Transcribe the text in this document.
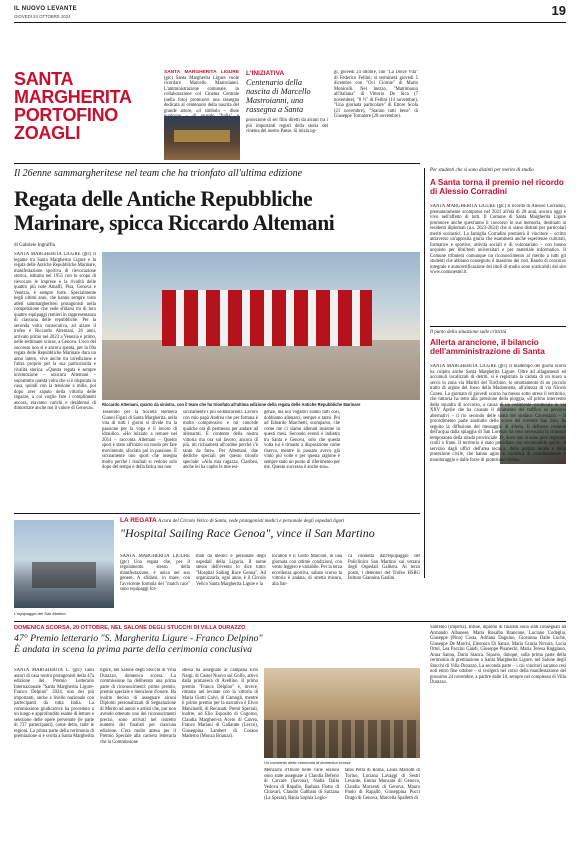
IL NUOVO LEVANTE
GIOVEDÌ 24 OTTOBRE 2024	19
SANTA
MARGHERITA
PORTOFINO
ZOAGLI

SANTA MARGHERITA LIGURE (gtc) Santa Margherita Ligure vuole ricordare Marcello Mastroianni. L'amministrazione comunale, in collaborazione col Cinema Centrale (nella foto) promuove una rassegna dedicata al centenario della nascita del grande attore, «il simbolo – disse

L'INIZIATIVA
Centenario della nascita di Marcello Mastroianni, una rassegna a Santa

proiezione di sei film diretti da alcuni tra i più importanti registi della storia del cinema del nostro Paese. Si inizia og-

gi, giovedì 24 ottobre, con "La Dolce Vita" di Federico Fellini; si terminerà giovedì 5 dicembre con "Oci Ciornie" di Mario Monicelli. Nel mezzo, "Matrimonio all'italiana" di Vittorio De Sica (7 novembre), "8 ½" di Fellini (14 novembre), "Una giornata particolare" di Ettore Scola (21 novembre), "Stanno tutti bene" di Giuseppe Tornatore (28 novembre).

Il 26enne sammargheritese nel team che ha trionfato all'ultima edizione
Regata delle Antiche Repubbliche
Marinare, spicca Riccardo Altemani
di Gabriele Ingraffia

SANTA MARGHERITA LIGURE (gtc) Il legame tra Santa Margherita Ligure e la regata delle Antiche Repubbliche Marinare, manifestazione sportiva di rievocazione storica, istituita nel 1955 con lo scopo di rievocare le imprese e la rivalità delle quattro più note Amalfi, Pisa, Genova e Venezia, è sempre forte. Specialmente negli ultimi anni, che hanno sempre visto atleti sammargheritesi protagonisti nella competizione che vede sfidarsi tra di loro quattro equipaggi remieri in rappresentanza di ciascuna delle repubbliche. Per la seconda volta consecutiva, ad alzare il trofeo è Riccardo Altemani, 26 anni, arrivato primo nel 2023 a Venezia e primo, nelle settimane scorse, a Genova. L'eco del successo non si è ancora spenta, per la 69a regata delle Repubbliche Marinare dura un anno intero, vive anche tra un'edizione e l'altra proprio per la sua particolarità e rivalità storica. «Questa regata è sempre un'emozione – assicura Altemani – soprattutto questa volta che si è disputata in casa, quindi con la tensione a mille, poi dopo aver saputo della vittoria delle ragazze, a cui voglio fare i complimenti ancora, eravamo carichi e desiderosi di dimostrare anche noi il valore di Genova».

Riccardo Altemani, quarto da sinistra, con il team che ha trionfato all'ultima edizione della regata delle Antiche Repubbliche Marinare

Tesserato per la Società Remiera Gianni Figari di Santa Margherita, nella vita di tutti i giorni si divide tra la passione per la voga e il lavoro di idraulico. «Ho iniziato a remare nel 2014 – racconta Altemani – Questo sport è stato all'inizio un modo per fare movimento, sfociato poi in passione. È sicuramente uno sport che insegna molto perché i risultati si vedono solo dopo del tempo e della fatica ma non

sicuramente i più soddisfacenti. Lavoro con mio papà Andrea che per fortuna è molto comprensivo e mi concede qualche ora di permesso per andare ad allenarmi. È contento della nostra vittoria ma ora sul lavoro, ancora di più, mi richiamerà all'ordine perché c'è tanto da fare». Per Altemani, due dediche speciali per questo trionfo speciale: «Alla mia ragazza, Claribea, anche lei ha capito le mie esi-

genze, ma noi vogatori siamo fatti così, dobbiamo allenarci, sempre e tanto. Poi ad Edoardo Marchetti, scomparso, che come me ci siamo allenati insieme in questi mesi. Secondo eventi è indietro tra Santa e Genova, solo che questa volta lui è rimasto a disposizione come riserva, mentre in passato avevo già vinto più volte e per questa ragione è sempre stato un punto di riferimento per me. Questo successo è anche suo».

Per studenti che si sono distinti per merito di studio
A Santa torna il premio nel ricordo di Alessio Corradini

SANTA MARGHERITA LIGURE (gtc) Il ricordo di Alessio Corradini, prematuramente scomparso nel 2021 all'età di 28 anni, ancora oggi è vivo nell'affetto di tutti. Il Comune di Santa Margherita Ligure promuove anche quest'anno il concorso in sua memoria, destinato ai residenti diplomati (a.s. 2023-2024) che si siano distinti per particolari meriti scolastici. La famiglia Corradini premierà il vincitore – scritto attraverso un'apposita giuria che esaminerà anche esperienze culturali, formative e sportive, attività sociali e di volontariato – con buono acquisto per libri/testi universitari e per materiale informatico. Il Comune tributerà comunque un riconoscimento al merito a tutti gli studenti che abbiano conseguito il massimo dei voti. Bando di concorso integrale e autocertificazione dei titoli di studio sono scaricabili dal sito www.comunesml.it.

Il punto della situazione sulle criticità
Allerta arancione, il bilancio dell'amministrazione di Santa

SANTA MARGHERITA LIGURE (gtc) Il maltempo dei giorni scorsi ha colpito anche Santa Margherita Ligure. Oltre ad allagamenti ed accumuli localizzati di detriti, si è registrata la caduta di un muro a secco in zona via Martiri del Turchino, lo smottamento di un piccolo tratto di argine del fosso della Madonnetta, all'altezza di via Nicolò Cuneo. La giornata di giovedì scorso ha messo sotto stress il territorio, che tuttavia ha retto alla pressione della pioggia, «Il primo intervento della squadra di soccorso, a causa di un cedimento strutturale in via XXV Aprile che ha causato il diramento del traffico su percorsi alternativi – il rio secondo delle unità del sindaco Caversazio – Il procedimento parte anzitutto dello scavo del torrente San Siro, ha seguito la diffusione del messaggio di allerta. Il deflusso costante dell'acqua dalla spiaggia di San Lorenzo ha reso necessaria la chiusura temporanea della strada provinciale 39, dove non si sono però registrati crolli o frane. Il territorio è stato presidiato con encomiabile spirito di servizio dagli uffici dell'area tecnica, della polizia locale e della protezione civile, che hanno agito in un'ottica di coordinamento e monitoraggio e dalle forze di protezione civile».

LA REGATA A cura del Circolo Velico di Santa, vede protagonisti medici e personale degli ospedali liguri
"Hospital Sailing Race Genoa", vince il San Martino
L'equipaggio del San Martino

SANTA MARGHERITA LIGURE (gtc) Una regata che, per il regolamento stesso della manifestazione, è unica nel suo genere. A sfidarsi, in mare, con l'avvicente formula del "match race" sono equipaggi for-

mati da medici e personale degli ospedali della Liguria. Il nome stesso dell'evento lo dice tutto: "Hospital Sailing Race Genoa". Ad organizzarla, ogni anno, è il Circolo Velico Santa Margherita Ligure e la

location è il Golfo Marconi, in una giornata con ottime condizioni, con vento leggero e variabile. Per la terza eccellenza sportiva, sabato scorso la vittoria è andata, di stretta misura, alla bar-

ca condotta dall'equipaggio del Policlinico San Martino sui vetrani degli Ospedali Galliera. Al terzo posto, i detentori del Trofeo HSRG Istituto Giannina Gaslini.

DOMENICA SCORSA, 20 OTTOBRE, NEL SALONE DEGLI STUCCHI DI VILLA DURAZZO
47° Premio letterario "S. Margherita Ligure - Franco Delpino"
È andata in scena la prima parte della cerimonia conclusiva

SANTA MARGHERITA L. (gtc) Tanti autori di casa nostra protagonisti della 47a edizione del Premio Letterario Internazionale "Santa Margherita Ligure-Franco Delpino" 2024, uno dei più importanti, anche a livello nazionale con partecipanti da tutta Italia. La commissione giudicatrice ha proceduto a un lungo e approfondito esame di letture e selezione delle opere pervenute (le parte di 737 partecipanti), come detto, tutte le regioni. La prima parte della cerimonia di premiazione si è svolta a Santa Margherita

ligure, nel Salone degli Stucchi di Villa Durazzo, domenica scorsa. La commissione ha deliberato una prima parte di riconoscimenti: primo premio, premio speciale e menzione d'onore. Ha inoltre deciso di assegnare alcuni Diplomi personalizzati di Segnalazione di Merito ad autori e artisti che, pur non avendo ottenuto uno dei riconoscimenti precisi, sono arrivati nel ristretto numero dei finalisti per ciascuna edizione. C'era molto attesa per il Premio Speciale alla carriera letteraria che la Commissione

stessa ha assegnato al campana Erio Nargi, di Castel Nuovo sul Golfo, attivo dalla primavera di Avellino. Il primo premio "Franca Delpino" è, invece, rimasto nel levante con la vittoria di Maria Giotti Calvi, di Camogli, mentre il primo premio per la narrativa è Elvio Mancinelli, di Recanati. Premi Speciali, inoltre, ad Elio Esposito di Cogorno, Claudia Margheri-ta Aceto di Carrea, Franco Mariani di Gallarate (Lecco), Giuseppina Lambert di Cosano Maderno (Monza Brianza).

Un momento della cerimonia di domenica scorsa

Menzioni d'Onore nelle varie sezioni sono state assegnate a Claudia Beferio di Carcare (Savona), Nadia Dalla Vedova di Rapallo, Barbara Flotto di Chiavari, Claudio Gabbani di Sarzana (La Spezia), Rania Sophia Logio-

tatos Petra di Roma, Laura Mariotti di Torino, Luciana Lavaggi di Sestri Levante, Emma Monzani di Genova, Claudia Morzenti di Genova, Mauro Paolo di Rapallo, Giuseppina Pucci Drago di Genova, Marcella Spalletti di

Sanremo (Imperia). Infine, diplomi di finalisti sono stati consegnati ad Armando Albanese, Maria Rosalba Brancone, Luciano Codeglia, Giuseppe (Pino) Costa, Adriana Daguino, Giovanna Dalle Luche, Giuseppe De Marchi, Eleonora Di Sanzo, Maria Grazia Novara, Lucia Ottol, Lea Paccini Gandi, Giuseppe Pisanechi, Maria Teresa Ruggiano, Anna Sanna, Dario Stanca. Sipario, dunque, sulla prima parte della cerimonia di premiazione a Santa Margherita Ligure, nel Salone degli Stucchi di Villa Durazzo. La seconda parte – i cui vincitori saranno resi noti entro fine ottobre – si svolgerà nel corso della manifestazione del prossimo 24 novembre, a partire dalle 10, sempre nel complesso di Villa Durazzo.
